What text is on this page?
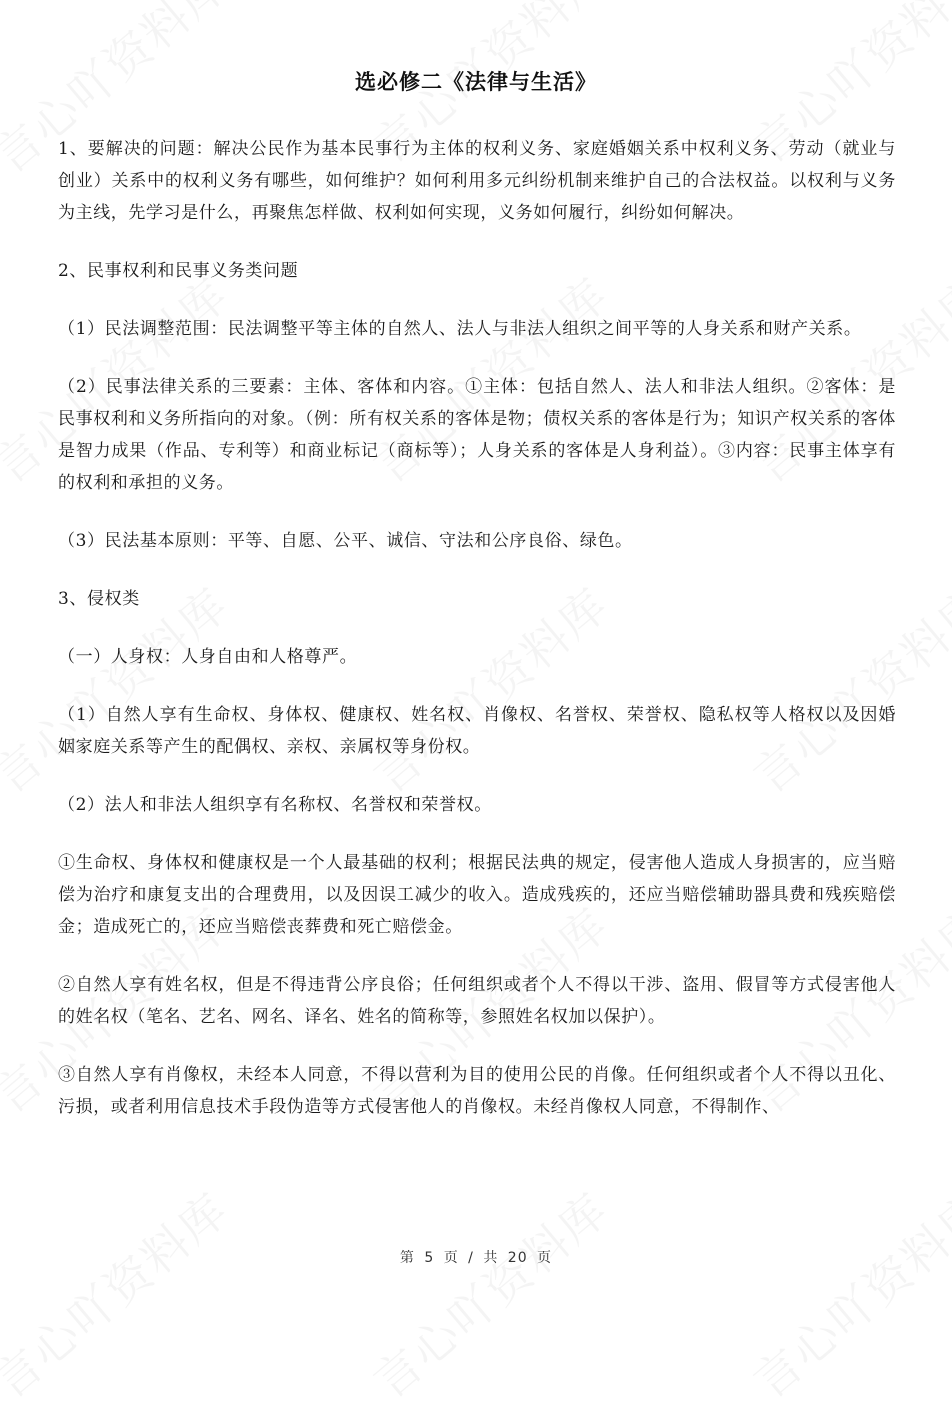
选必修二《法律与生活》

1、要解决的问题：解决公民作为基本民事行为主体的权利义务、家庭婚姻关系中权利义务、劳动（就业与创业）关系中的权利义务有哪些，如何维护？如何利用多元纠纷机制来维护自己的合法权益。以权利与义务为主线，先学习是什么，再聚焦怎样做、权利如何实现，义务如何履行，纠纷如何解决。

2、民事权利和民事义务类问题

（1）民法调整范围：民法调整平等主体的自然人、法人与非法人组织之间平等的人身关系和财产关系。

（2）民事法律关系的三要素：主体、客体和内容。①主体：包括自然人、法人和非法人组织。②客体：是民事权利和义务所指向的对象。（例：所有权关系的客体是物；债权关系的客体是行为；知识产权关系的客体是智力成果（作品、专利等）和商业标记（商标等）；人身关系的客体是人身利益）。③内容：民事主体享有的权利和承担的义务。

（3）民法基本原则：平等、自愿、公平、诚信、守法和公序良俗、绿色。

3、侵权类

（一）人身权：人身自由和人格尊严。

（1）自然人享有生命权、身体权、健康权、姓名权、肖像权、名誉权、荣誉权、隐私权等人格权以及因婚姻家庭关系等产生的配偶权、亲权、亲属权等身份权。

（2）法人和非法人组织享有名称权、名誉权和荣誉权。

①生命权、身体权和健康权是一个人最基础的权利；根据民法典的规定，侵害他人造成人身损害的，应当赔偿为治疗和康复支出的合理费用，以及因误工减少的收入。造成残疾的，还应当赔偿辅助器具费和残疾赔偿金；造成死亡的，还应当赔偿丧葬费和死亡赔偿金。

②自然人享有姓名权，但是不得违背公序良俗；任何组织或者个人不得以干涉、盗用、假冒等方式侵害他人的姓名权（笔名、艺名、网名、译名、姓名的简称等，参照姓名权加以保护）。

③自然人享有肖像权，未经本人同意，不得以营利为目的使用公民的肖像。任何组织或者个人不得以丑化、污损，或者利用信息技术手段伪造等方式侵害他人的肖像权。未经肖像权人同意，不得制作、

第 5 页 / 共 20 页
